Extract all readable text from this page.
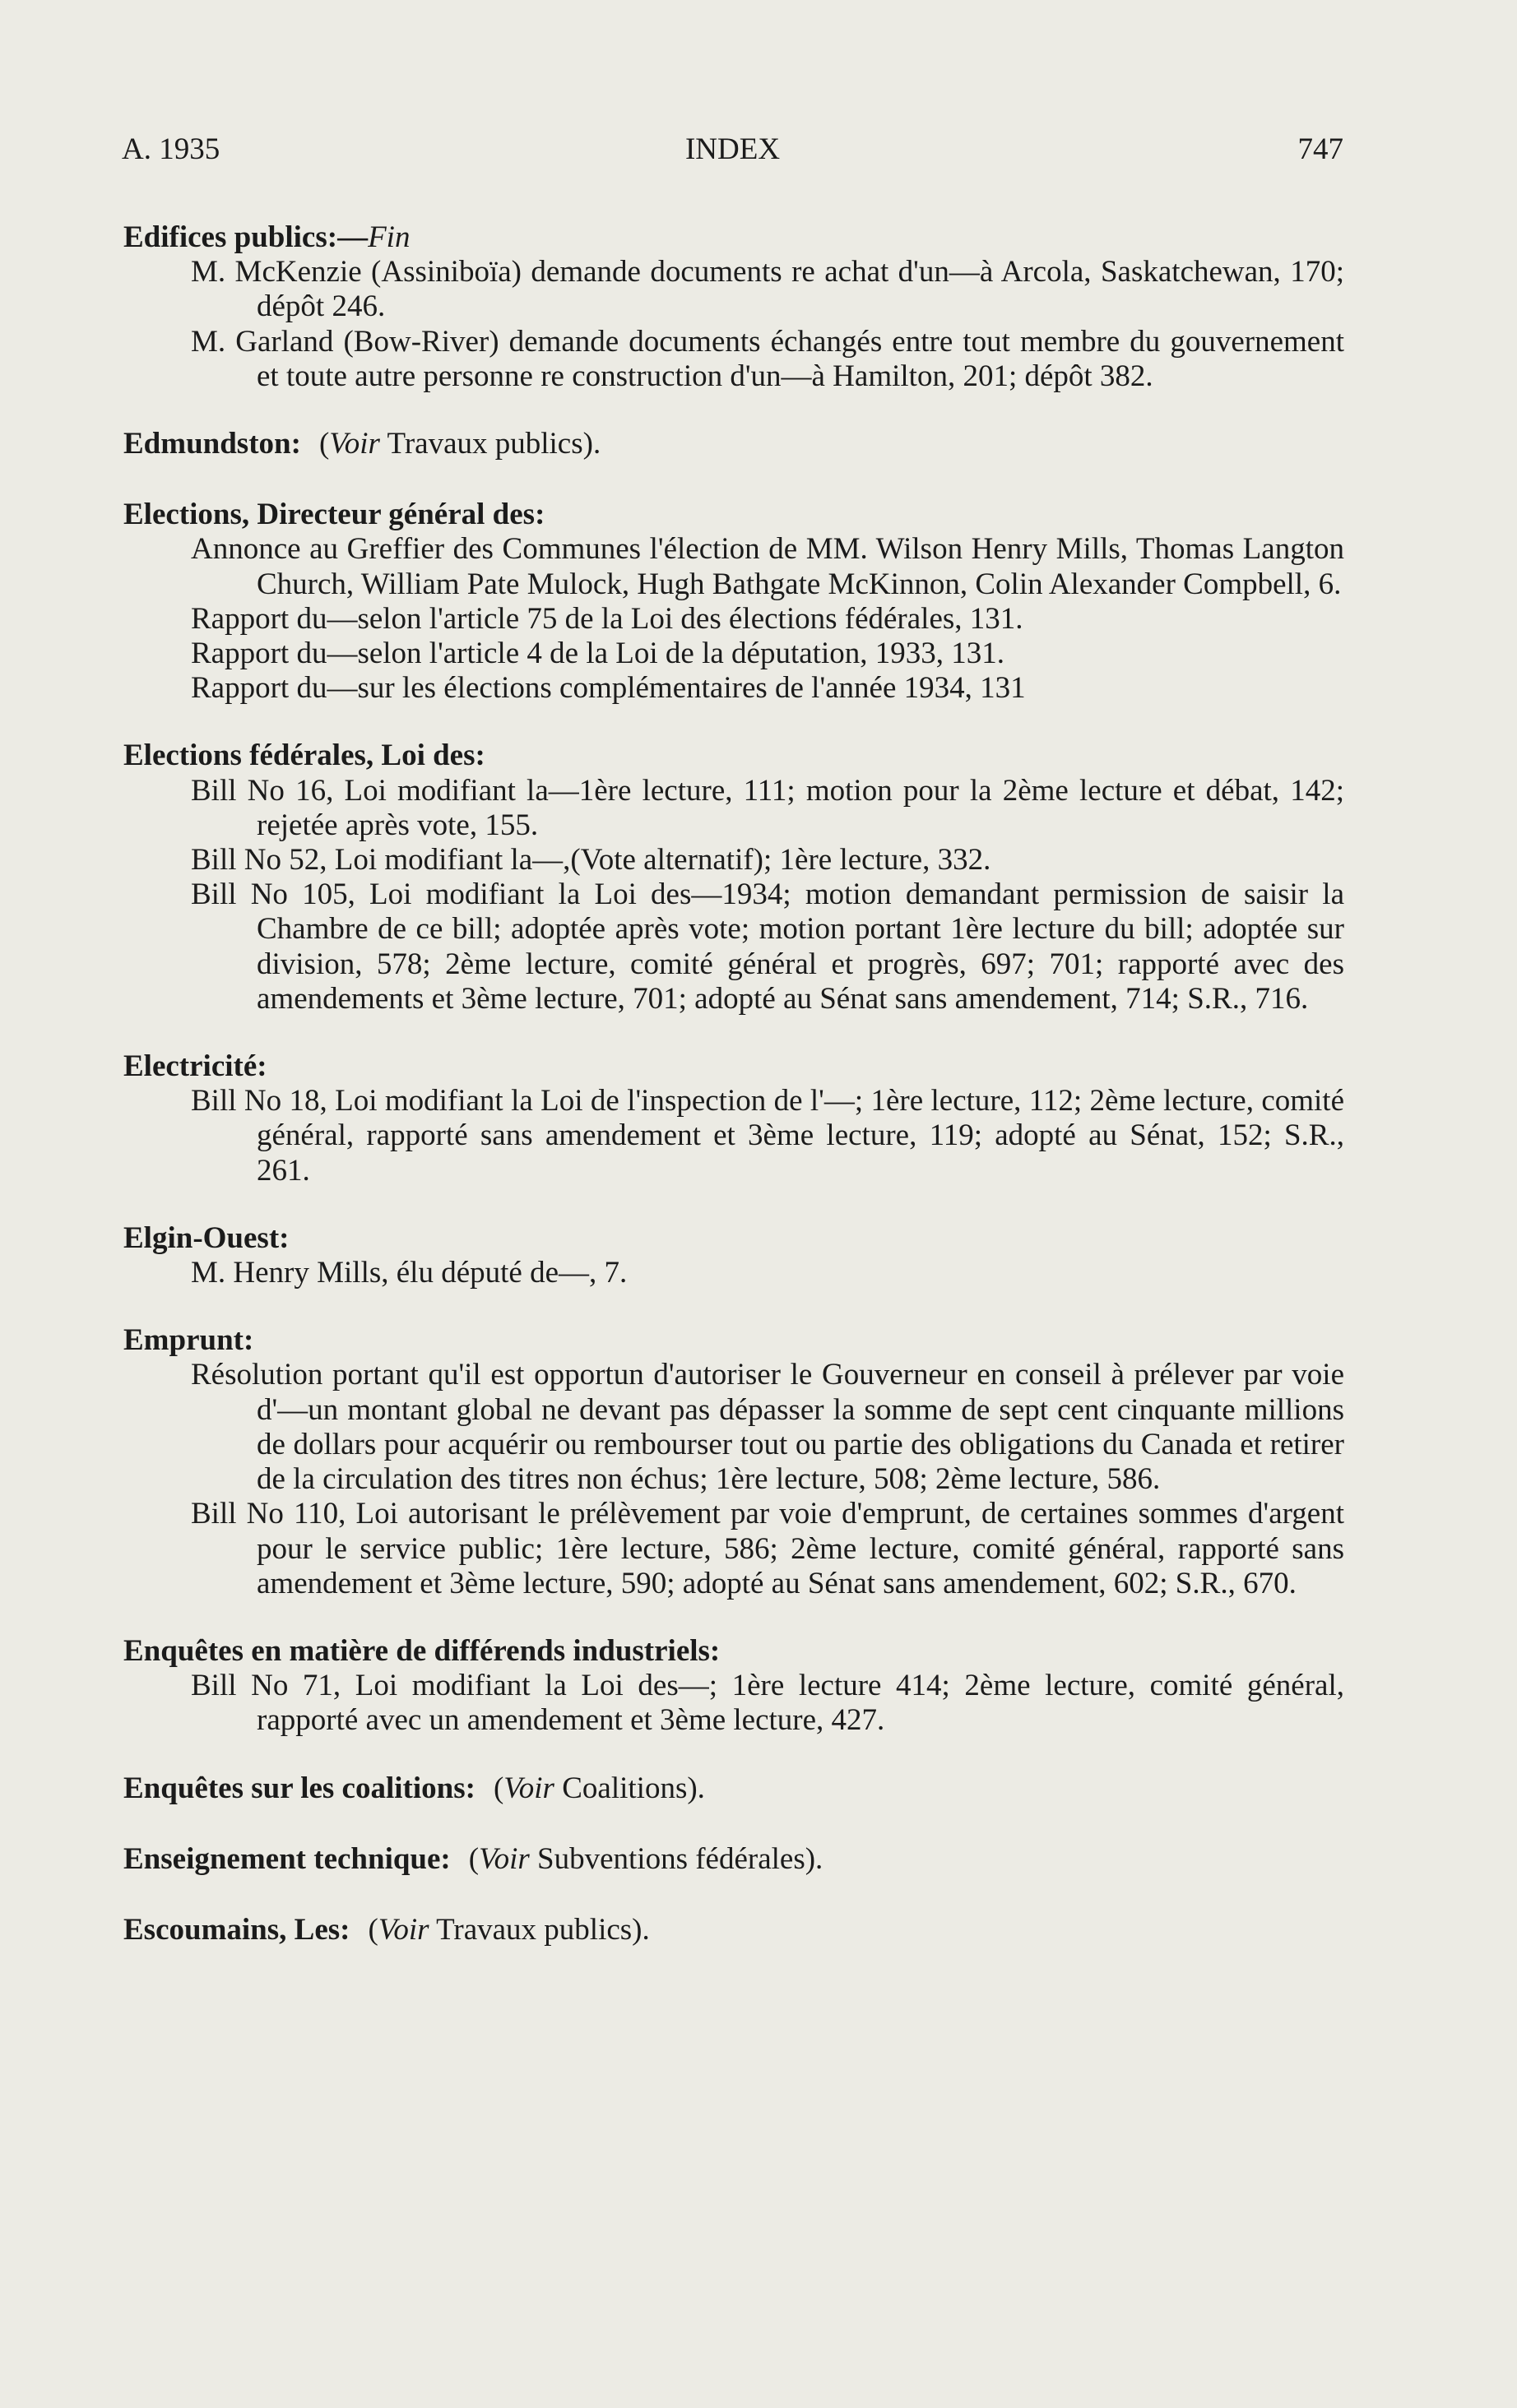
A. 1935	INDEX	747
Edifices publics:—Fin
M. McKenzie (Assiniboïa) demande documents re achat d'un—à Arcola, Saskatchewan, 170; dépôt 246.
M. Garland (Bow-River) demande documents échangés entre tout membre du gouvernement et toute autre personne re construction d'un—à Hamilton, 201; dépôt 382.
Edmundston: (Voir Travaux publics).
Elections, Directeur général des:
Annonce au Greffier des Communes l'élection de MM. Wilson Henry Mills, Thomas Langton Church, William Pate Mulock, Hugh Bathgate McKinnon, Colin Alexander Compbell, 6.
Rapport du—selon l'article 75 de la Loi des élections fédérales, 131.
Rapport du—selon l'article 4 de la Loi de la députation, 1933, 131.
Rapport du—sur les élections complémentaires de l'année 1934, 131
Elections fédérales, Loi des:
Bill No 16, Loi modifiant la—1ère lecture, 111; motion pour la 2ème lecture et débat, 142; rejetée après vote, 155.
Bill No 52, Loi modifiant la—,(Vote alternatif); 1ère lecture, 332.
Bill No 105, Loi modifiant la Loi des—1934; motion demandant permission de saisir la Chambre de ce bill; adoptée après vote; motion portant 1ère lecture du bill; adoptée sur division, 578; 2ème lecture, comité général et progrès, 697; 701; rapporté avec des amendements et 3ème lecture, 701; adopté au Sénat sans amendement, 714; S.R., 716.
Electricité:
Bill No 18, Loi modifiant la Loi de l'inspection de l'—; 1ère lecture, 112; 2ème lecture, comité général, rapporté sans amendement et 3ème lecture, 119; adopté au Sénat, 152; S.R., 261.
Elgin-Ouest:
M. Henry Mills, élu député de—, 7.
Emprunt:
Résolution portant qu'il est opportun d'autoriser le Gouverneur en conseil à prélever par voie d'—un montant global ne devant pas dépasser la somme de sept cent cinquante millions de dollars pour acquérir ou rembourser tout ou partie des obligations du Canada et retirer de la circulation des titres non échus; 1ère lecture, 508; 2ème lecture, 586.
Bill No 110, Loi autorisant le prélèvement par voie d'emprunt, de certaines sommes d'argent pour le service public; 1ère lecture, 586; 2ème lecture, comité général, rapporté sans amendement et 3ème lecture, 590; adopté au Sénat sans amendement, 602; S.R., 670.
Enquêtes en matière de différends industriels:
Bill No 71, Loi modifiant la Loi des—; 1ère lecture 414; 2ème lecture, comité général, rapporté avec un amendement et 3ème lecture, 427.
Enquêtes sur les coalitions: (Voir Coalitions).
Enseignement technique: (Voir Subventions fédérales).
Escoumains, Les: (Voir Travaux publics).
